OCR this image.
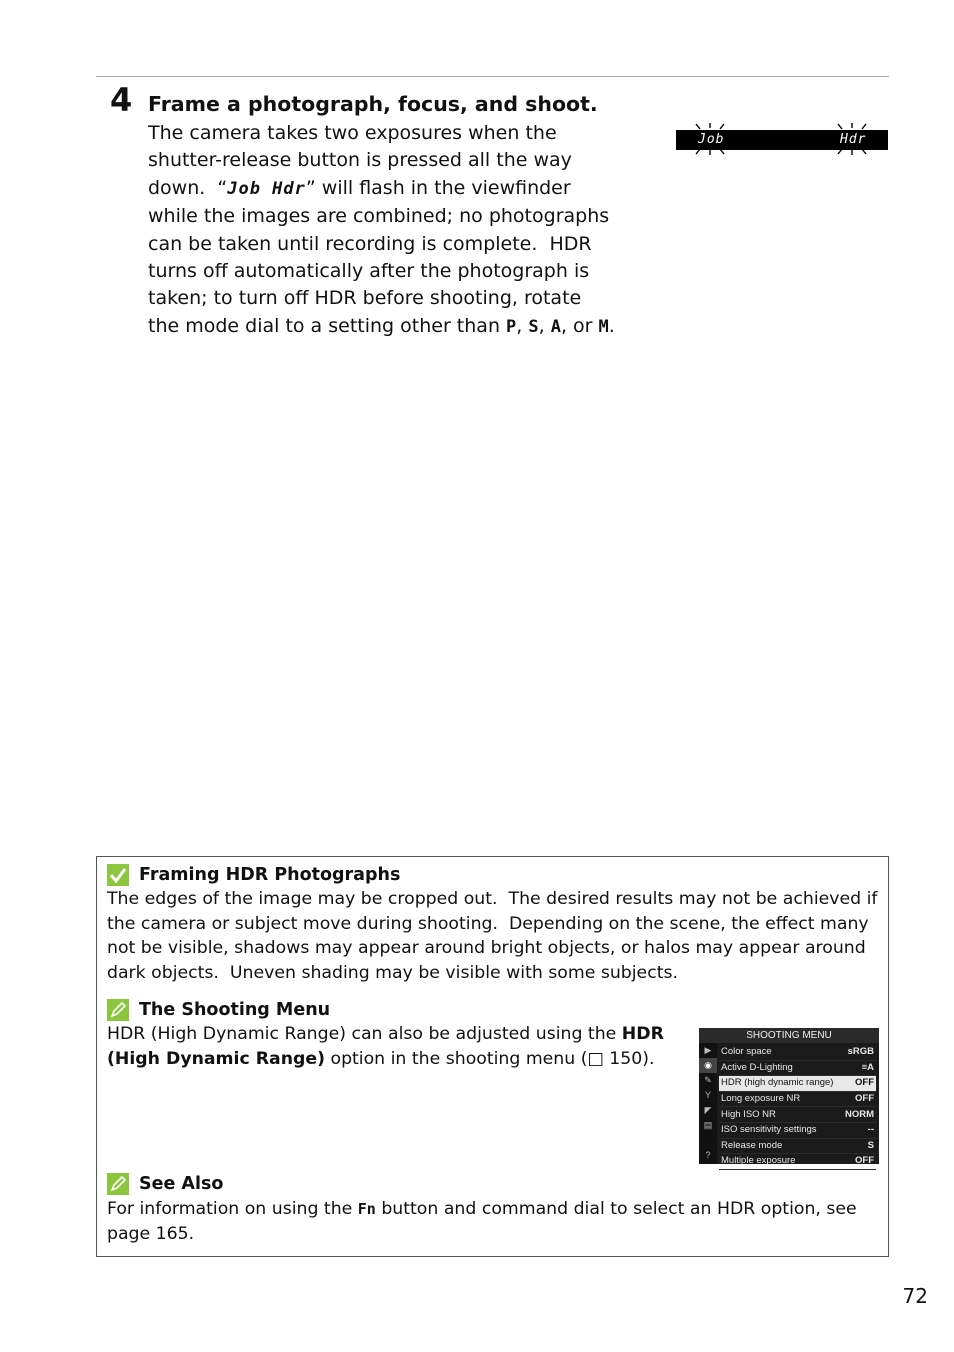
4 Frame a photograph, focus, and shoot.
The camera takes two exposures when the shutter-release button is pressed all the way down.  “Job Hdr” will flash in the viewfinder while the images are combined; no photographs can be taken until recording is complete.  HDR turns off automatically after the photograph is taken; to turn off HDR before shooting, rotate the mode dial to a setting other than P, S, A, or M.
Job	Hdr
Framing HDR Photographs
The edges of the image may be cropped out.  The desired results may not be achieved if the camera or subject move during shooting.  Depending on the scene, the effect many not be visible, shadows may appear around bright objects, or halos may appear around dark objects.  Uneven shading may be visible with some subjects.
The Shooting Menu
HDR (High Dynamic Range) can also be adjusted using the HDR (High Dynamic Range) option in the shooting menu (□ 150).
SHOOTING MENU
▶
◉
✎
Y
◤
▤
?
Color space	sRGB
Active D-Lighting	≡A
HDR (high dynamic range) OFF
Long exposure NR	OFF
High ISO NR	NORM
ISO sensitivity settings	--
Release mode	S
Multiple exposure	OFF
See Also
For information on using the Fn button and command dial to select an HDR option, see page 165.
72
